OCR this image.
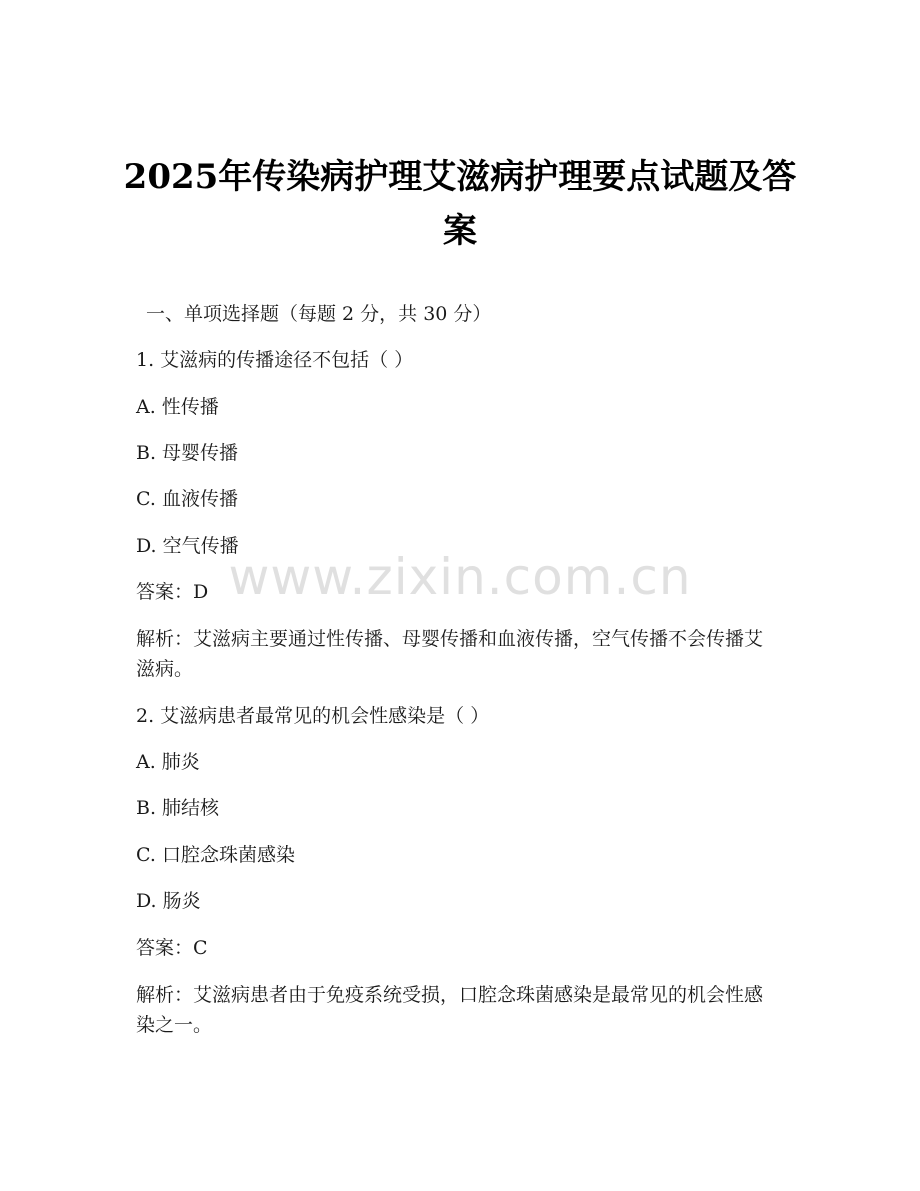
2025年传染病护理艾滋病护理要点试题及答案
一、单项选择题（每题 2 分，共 30 分）
1. 艾滋病的传播途径不包括（ ）
A. 性传播
B. 母婴传播
C. 血液传播
D. 空气传播
答案：D
解析：艾滋病主要通过性传播、母婴传播和血液传播，空气传播不会传播艾滋病。
2. 艾滋病患者最常见的机会性感染是（ ）
A. 肺炎
B. 肺结核
C. 口腔念珠菌感染
D. 肠炎
答案：C
解析：艾滋病患者由于免疫系统受损，口腔念珠菌感染是最常见的机会性感染之一。
www.zixin.com.cn
